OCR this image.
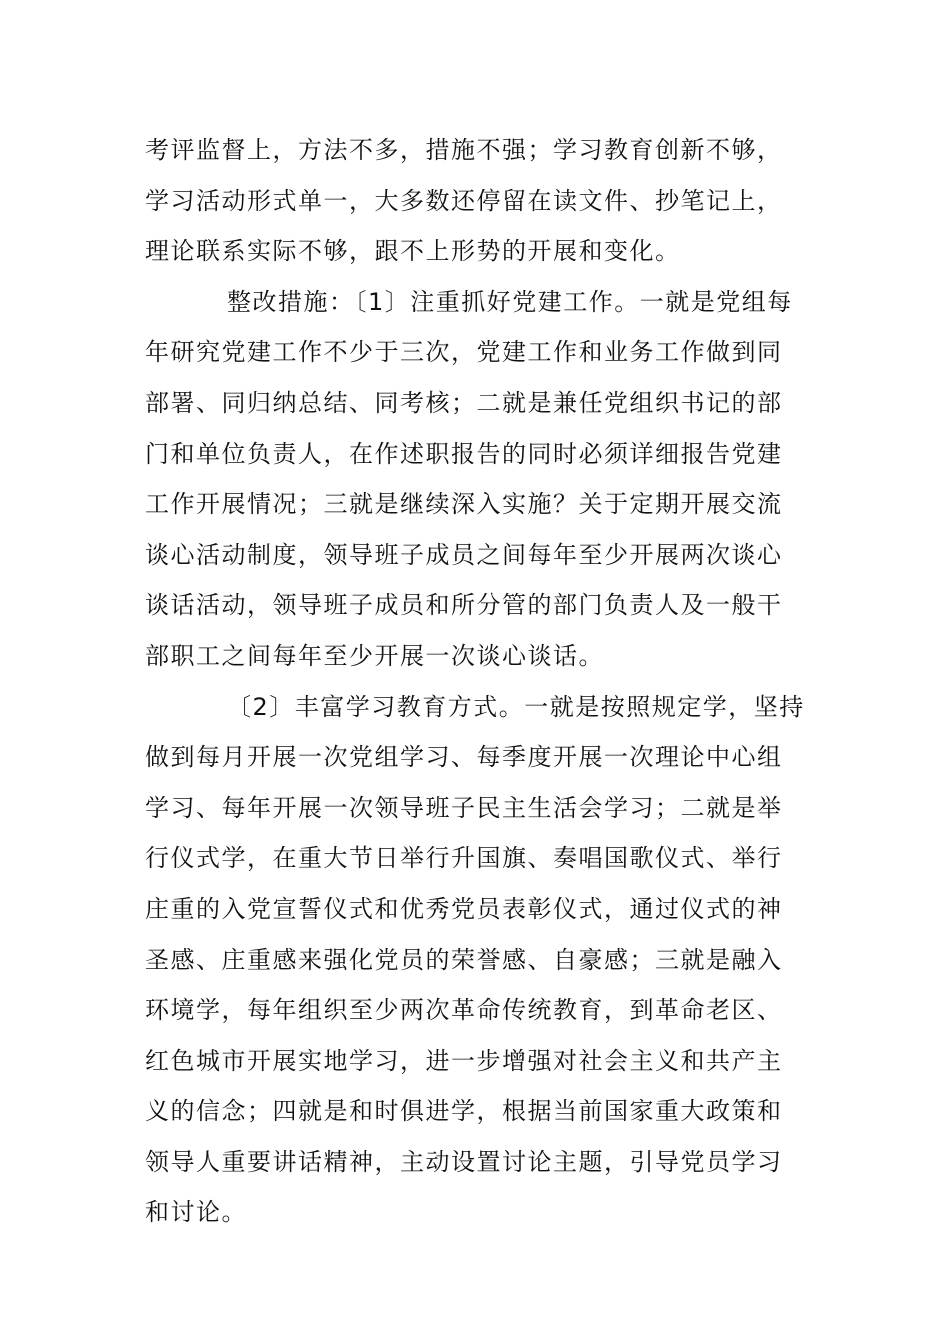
考评监督上，方法不多，措施不强；学习教育创新不够，
学习活动形式单一，大多数还停留在读文件、抄笔记上，
理论联系实际不够，跟不上形势的开展和变化。
整改措施：〔1〕注重抓好党建工作。一就是党组每
年研究党建工作不少于三次，党建工作和业务工作做到同
部署、同归纳总结、同考核；二就是兼任党组织书记的部
门和单位负责人，在作述职报告的同时必须详细报告党建
工作开展情况；三就是继续深入实施？关于定期开展交流
谈心活动制度，领导班子成员之间每年至少开展两次谈心
谈话活动，领导班子成员和所分管的部门负责人及一般干
部职工之间每年至少开展一次谈心谈话。
〔2〕丰富学习教育方式。一就是按照规定学，坚持
做到每月开展一次党组学习、每季度开展一次理论中心组
学习、每年开展一次领导班子民主生活会学习；二就是举
行仪式学，在重大节日举行升国旗、奏唱国歌仪式、举行
庄重的入党宣誓仪式和优秀党员表彰仪式，通过仪式的神
圣感、庄重感来强化党员的荣誉感、自豪感；三就是融入
环境学，每年组织至少两次革命传统教育，到革命老区、
红色城市开展实地学习，进一步增强对社会主义和共产主
义的信念；四就是和时俱进学，根据当前国家重大政策和
领导人重要讲话精神，主动设置讨论主题，引导党员学习
和讨论。
